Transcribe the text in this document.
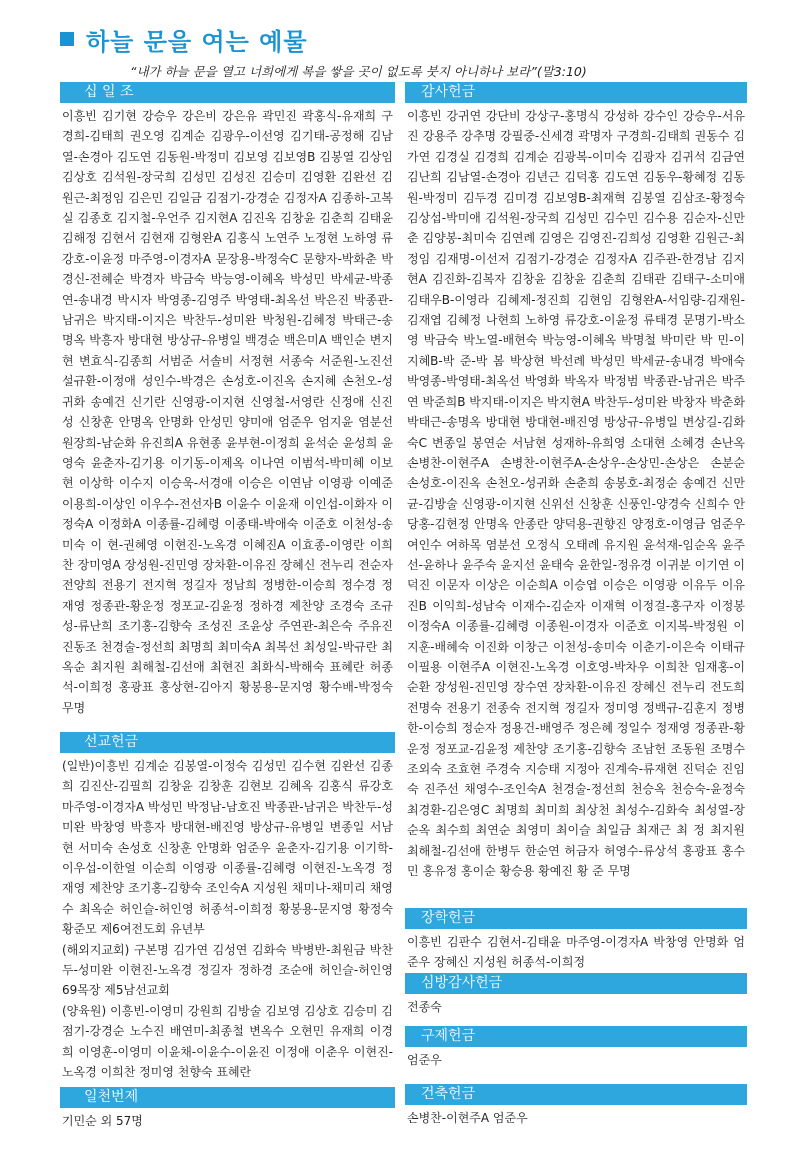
하늘 문을 여는 예물
“내가 하늘 문을 열고 너희에게 복을 쌓을 곳이 없도록 붓지 아니하나 보라”(말3:10)
십 일 조
이흥빈 김기현 강승우 강은비 강은유 곽민진 곽홍식-유재희 구경희-김태희 권오영 김계순 김광우-이선영 김기태-공정해 김남열-손경아 김도연 김동원-박정미 김보영 김보영B 김봉열 김상임 김상호 김석원-장국희 김성민 김성진 김승미 김영환 김완선 김원근-최정임 김은민 김일금 김점기-강경순 김정자A 김종하-고복실 김종호 김지철-우언주 김지현A 김진옥 김창윤 김춘희 김태윤 김해정 김현서 김현재 김형완A 김홍식 노연주 노정현 노하영 류강호-이윤정 마주영-이경자A 문장용-박정숙C 문향자-박화춘 박경신-전혜순 박경자 박금숙 박능영-이혜옥 박성민 박세균-박종연-송내경 박시자 박영종-김영주 박영태-최옥선 박은진 박종관-남귀은 박지태-이지은 박찬두-성미완 박청원-김혜정 박태근-송명옥 박흥자 방대현 방상규-유병일 백경순 백은미A 백인순 변지현 변효식-김종희 서범준 서솔비 서정현 서종숙 서준원-노진선 설규환-이정애 성인수-박경은 손성호-이진옥 손지혜 손천오-성귀화 송예건 신기란 신영광-이지현 신영철-서영란 신정애 신진성 신창훈 안명옥 안명화 안성민 양미애 엄준우 엄지윤 염분선 원장희-남순화 유진희A 유현종 윤부현-이정희 윤석순 윤성희 윤영숙 윤춘자-김기용 이기동-이제옥 이나연 이범석-박미혜 이보현 이상학 이수지 이승욱-서경애 이승은 이연남 이영광 이예준 이용희-이상인 이우수-전선자B 이윤수 이윤재 이인섭-이화자 이정숙A 이정화A 이종률-김혜령 이종태-박애숙 이준호 이천성-송미숙 이 현-권혜영 이현진-노옥경 이혜진A 이효종-이영란 이희찬 장미영A 장성원-진민영 장차환-이유진 장혜신 전누리 전순자 전양희 전용기 전지혁 정길자 정남희 정병한-이승희 정수경 정재영 정종관-황운정 정포교-김윤정 정하경 제찬양 조경숙 조규성-류난희 조기홍-김향숙 조성진 조윤상 주연관-최은숙 주유진 진동조 천경술-정선희 최명희 최미숙A 최복선 최성일-박규란 최옥순 최지원 최해철-김선애 최현진 최화식-박해숙 표혜란 허종석-이희정 홍광표 홍상현-김아지 황봉용-문지영 황수배-박정숙 무명
선교헌금
(일반)이흥빈 김계순 김봉열-이정숙 김성민 김수현 김완선 김종희 김진산-김필희 김창윤 김창훈 김현보 김혜옥 김홍식 류강호 마주영-이경자A 박성민 박정남-남호진 박종관-남귀은 박찬두-성미완 박창영 박흥자 방대현-배진영 방상규-유병일 변종일 서남현 서미숙 손성호 신창훈 안명화 엄준우 윤춘자-김기용 이기학-이우섭-이한얼 이순희 이영광 이종률-김혜령 이현진-노옥경 정재영 제찬양 조기홍-김향숙 조인숙A 지성원 채미나-채미리 채영수 최옥순 허인슬-허인영 허종석-이희정 황봉용-문지영 황정숙 황준모 제6여전도회 유년부
(해외지교회) 구본명 김가연 김성연 김화숙 박병반-최원금 박찬두-성미완 이현진-노옥경 정길자 정하경 조순애 허인슬-허인영 69목장 제5남선교회
(양육원) 이흥빈-이영미 강원희 김방술 김보영 김상호 김승미 김점기-강경순 노수진 배연미-최종철 변옥수 오현민 유재희 이경희 이영훈-이영미 이윤채-이윤수-이윤진 이정애 이춘우 이현진-노옥경 이희찬 정미영 천향숙 표혜란
일천번제
기민순 외 57명
감사헌금
이흥빈 강귀연 강단비 강상구-홍명식 강성하 강수인 강승우-서유진 강용주 강추명 강필중-신세경 곽명자 구경희-김태희 권동수 김가연 김경실 김경희 김계순 김광복-이미숙 김광자 김귀석 김금연 김난희 김남열-손경아 김년근 김덕홍 김도연 김동우-황혜정 김동원-박정미 김두경 김미경 김보영B-최재혁 김봉열 김삼조-황정숙 김상섭-박미애 김석원-장국희 김성민 김수민 김수용 김순자-신만춘 김양봉-최미숙 김연례 김영은 김영진-김희성 김영환 김원근-최정임 김재명-이선저 김점기-강경순 김정자A 김주관-한경남 김지현A 김진화-김복자 김창윤 김창윤 김춘희 김태관 김태구-소미애 김태우B-이영라 김혜제-정진희 김현임 김형완A-서임량-김재원-김재엽 김혜정 나현희 노하영 류강호-이윤정 류태경 문명기-박소영 박금숙 박노열-배현숙 박능영-이혜옥 박명철 박미란 박 민-이지혜B-박 준-박 봄 박상현 박선례 박성민 박세균-송내경 박애숙 박영종-박영태-최옥선 박영화 박옥자 박정범 박종관-남귀은 박주연 박준희B 박지태-이지은 박지현A 박찬두-성미완 박창자 박춘화 박태근-송명옥 방대현 방대현-배진영 방상규-유병일 변상길-김화숙C 변종일 봉연순 서남현 성재하-유희영 소대현 소혜경 손난옥 손병찬-이현주A 손병찬-이현주A-손상우-손상민-손상은 손분순 손성호-이진옥 손천오-성귀화 손춘희 송봉호-최정순 송예건 신만균-김방술 신영광-이지현 신위선 신창훈 신풍인-양경숙 신희수 안당홍-김현정 안명옥 안종란 양덕용-권향진 양정호-이영금 엄준우 여인수 여하목 염분선 오정식 오태례 유지원 윤석재-임순옥 윤주선-윤하나 윤주숙 윤지선 윤태숙 윤한일-정유경 이귀분 이기연 이덕진 이문자 이상은 이순희A 이승엽 이승은 이영광 이유두 이유진B 이익희-성남숙 이재수-김순자 이재혁 이정걸-홍구자 이정봉 이정숙A 이종률-김혜령 이종원-이경자 이준호 이지복-박정원 이지훈-배혜숙 이진화 이창근 이천성-송미숙 이춘기-이은숙 이태규 이필용 이현주A 이현진-노옥경 이호영-박차우 이희찬 임재홍-이순환 장성원-진민영 장수연 장차환-이유진 장혜신 전누리 전도희 전명숙 전용기 전종숙 전지혁 정길자 정미영 정백규-김훈지 정병한-이승희 정순자 정용건-배영주 정은혜 정일수 정재영 정종관-황운정 정포교-김윤정 제찬양 조기홍-김향숙 조남헌 조동원 조명수 조외숙 조효현 주경숙 지승태 지정아 진계숙-류재현 진덕순 진임숙 진주선 채영수-조인숙A 천경술-정선희 천승옥 천승숙-윤정숙 최경환-김은영C 최명희 최미희 최상천 최성수-김화숙 최성열-장순옥 최수희 최연순 최영미 최이슬 최일금 최재근 최 정 최지원 최해철-김선애 한병두 한순연 허금자 허영수-류상석 홍광표 홍수민 홍유정 홍이순 황승용 황예진 황 준 무명
장학헌금
이흥빈 김판수 김현서-김태윤 마주영-이경자A 박창영 안명화 엄준우 장혜신 지성원 허종석-이희정
심방감사헌금
전종숙
구제헌금
엄준우
건축헌금
손병찬-이현주A 엄준우
